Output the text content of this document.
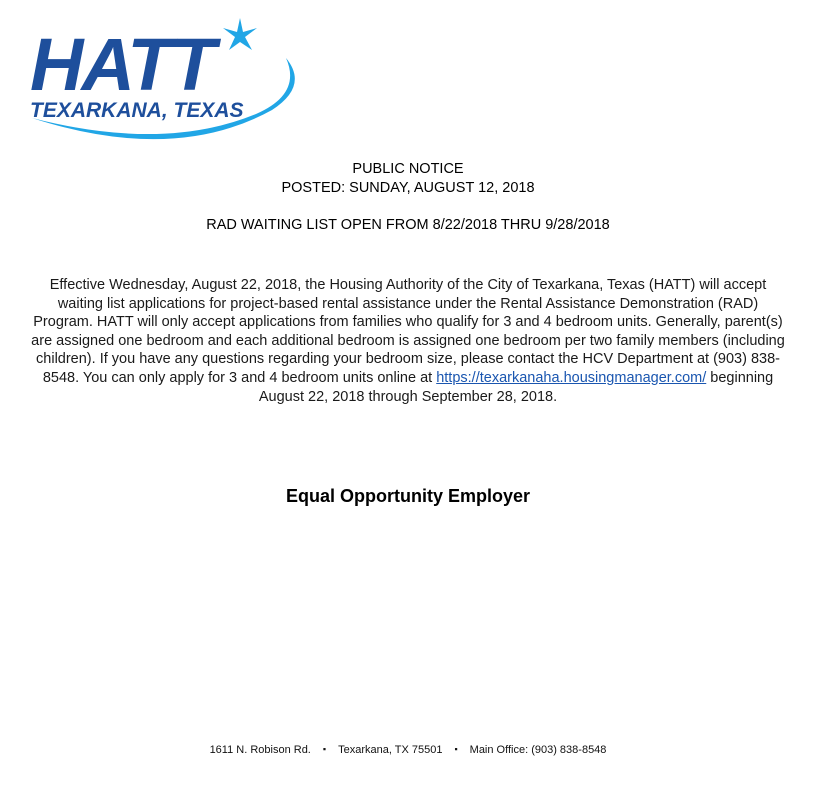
HATT
TEXARKANA, TEXAS
PUBLIC NOTICE
POSTED: SUNDAY, AUGUST 12, 2018
RAD WAITING LIST OPEN FROM 8/22/2018 THRU 9/28/2018
Effective Wednesday, August 22, 2018, the Housing Authority of the City of Texarkana, Texas (HATT) will accept waiting list applications for project-based rental assistance under the Rental Assistance Demonstration (RAD) Program. HATT will only accept applications from families who qualify for 3 and 4 bedroom units. Generally, parent(s) are assigned one bedroom and each additional bedroom is assigned one bedroom per two family members (including children). If you have any questions regarding your bedroom size, please contact the HCV Department at (903) 838-8548. You can only apply for 3 and 4 bedroom units online at https://texarkanaha.housingmanager.com/ beginning August 22, 2018 through September 28, 2018.
Equal Opportunity Employer
1611 N. Robison Rd. ▪ Texarkana, TX 75501 ▪ Main Office: (903) 838-8548
